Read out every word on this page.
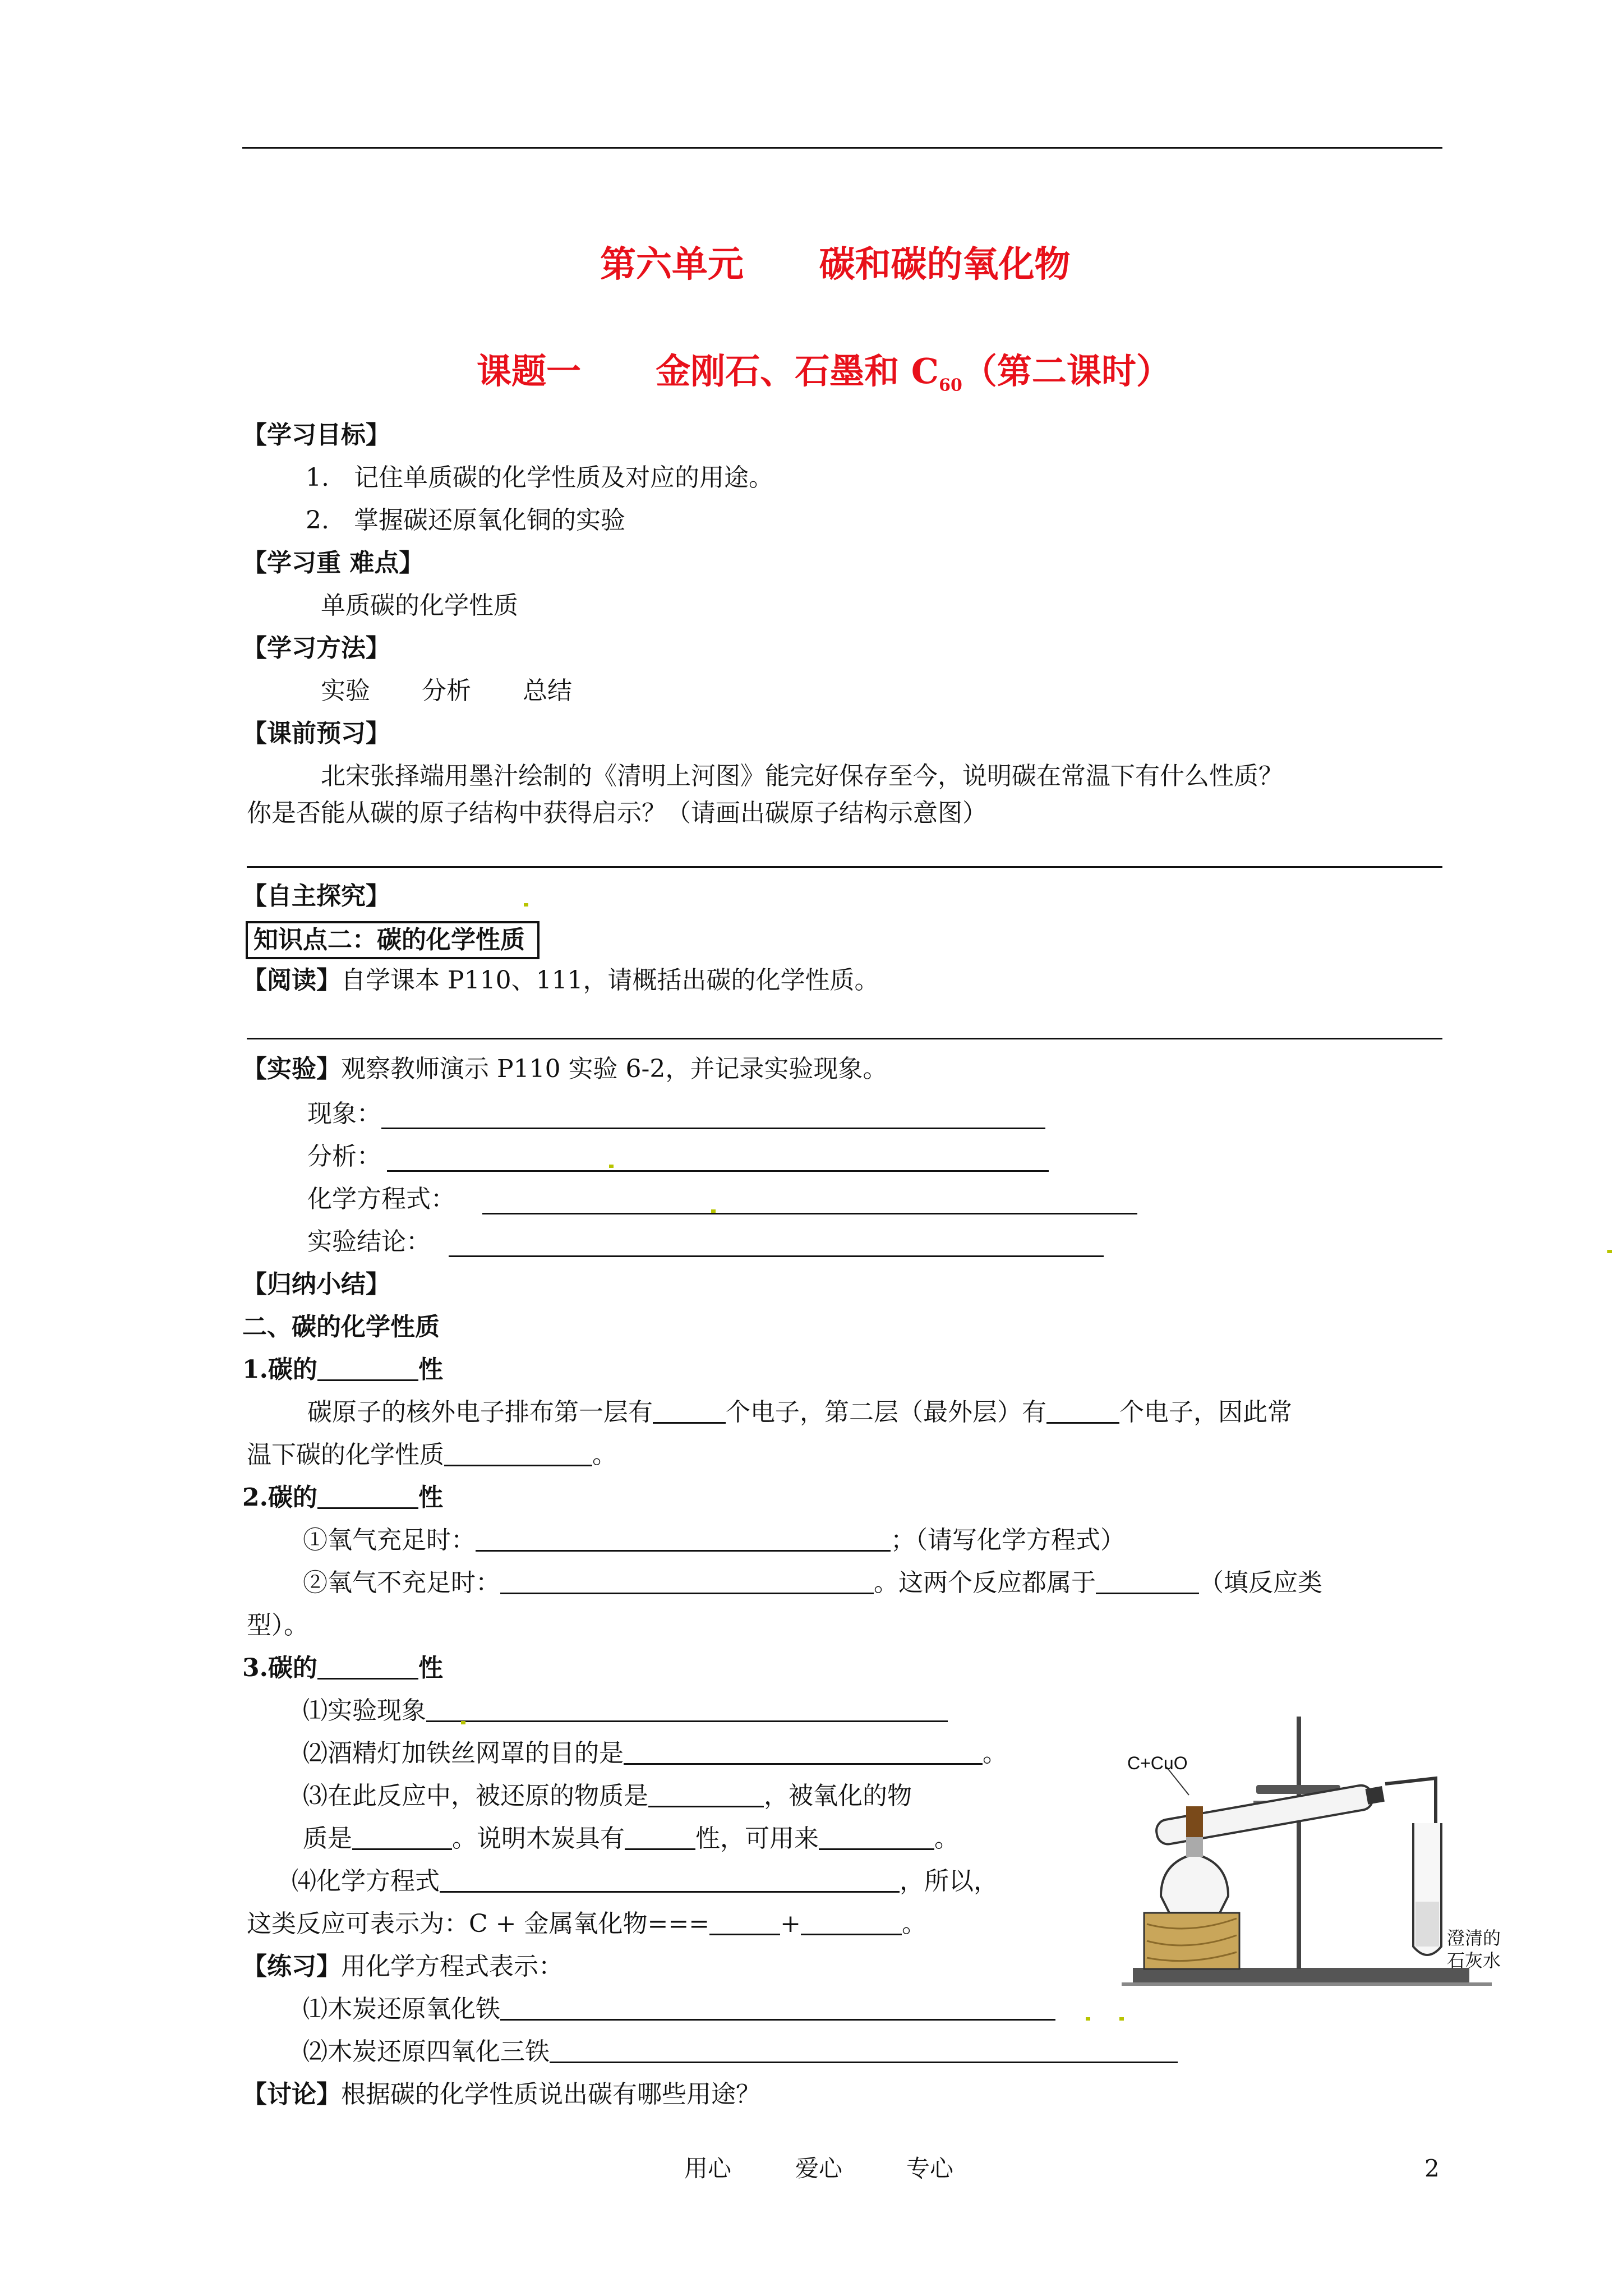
第六单元 碳和碳的氧化物
课题一 金刚石、石墨和 $C_{60}$（第二课时）
【学习目标】
1.　记住单质碳的化学性质及对应的用途。
2.　掌握碳还原氧化铜的实验
【学习重 难点】
单质碳的化学性质
【学习方法】
实验 分析 总结
【课前预习】
北宋张择端用墨汁绘制的《清明上河图》能完好保存至今，说明碳在常温下有什么性质？
你是否能从碳的原子结构中获得启示？（请画出碳原子结构示意图）
【自主探究】
知识点二：碳的化学性质
【阅读】自学课本 P110、111，请概括出碳的化学性质。
【实验】观察教师演示 P110 实验 6-2，并记录实验现象。
现象：
分析：
化学方程式：
实验结论：
【归纳小结】
二、碳的化学性质
1.碳的	性
碳原子的核外电子排布第一层有	个电子，第二层（最外层）有	个电子，因此常
温下碳的化学性质	。
2.碳的	性
①氧气充足时：	；（请写化学方程式）
②氧气不充足时：	。这两个反应都属于	（填反应类
型）。
3.碳的	性
⑴实验现象
⑵酒精灯加铁丝网罩的目的是	。
⑶在此反应中，被还原的物质是	，被氧化的物
质是	。说明木炭具有	性，可用来	。
⑷化学方程式	，所以，
这类反应可表示为：C + 金属氧化物===	+	。
C+CuO
澄清的
石灰水
【练习】用化学方程式表示：
⑴木炭还原氧化铁
⑵木炭还原四氧化三铁
【讨论】根据碳的化学性质说出碳有哪些用途？
用心	爱心	专心	2
